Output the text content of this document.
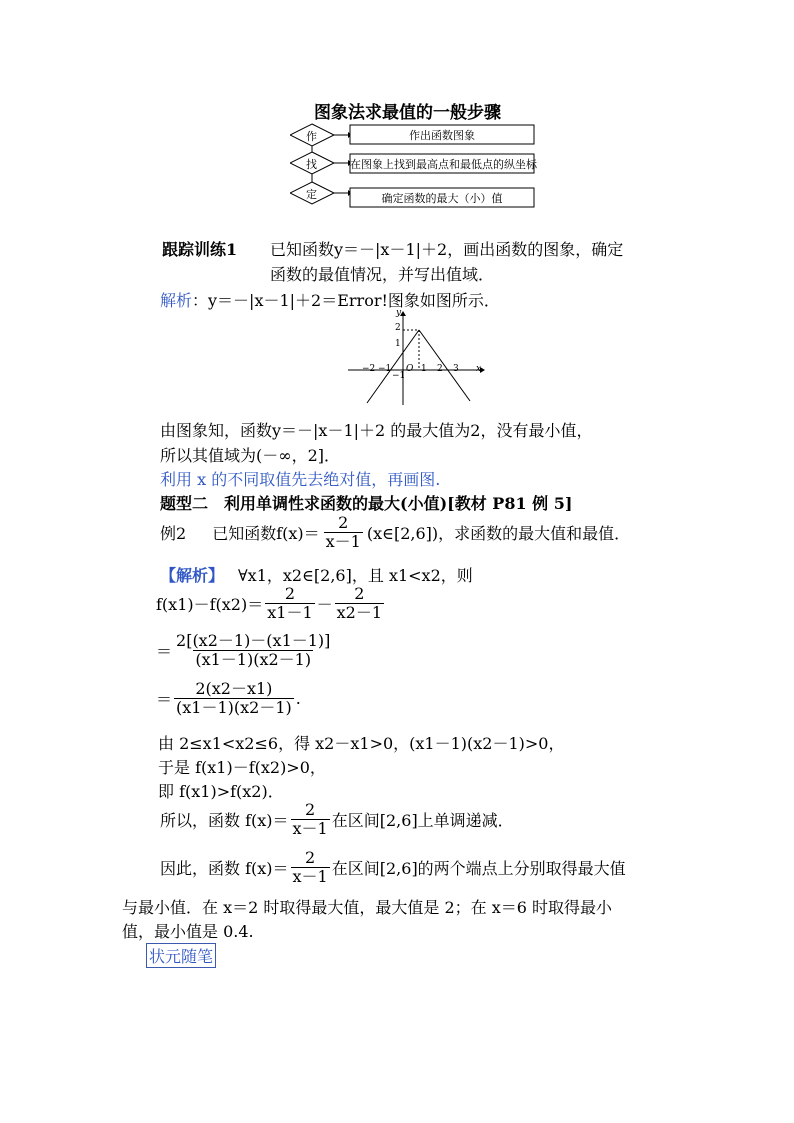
图象法求最值的一般步骤
作
找
定
作出函数图象
在图象上找到最高点和最低点的纵坐标
确定函数的最大（小）值
跟踪训练1 已知函数y＝－|x－1|＋2，画出函数的图象，确定
函数的最值情况，并写出值域．
解析：y＝－|x－1|＋2＝Error!图象如图所示．
y
x
O
−2 −1	1 2 3
2
1
−1
由图象知，函数y＝－|x－1|＋2 的最大值为2，没有最小值，
所以其值域为(－∞，2]．
利用 x 的不同取值先去绝对值，再画图.
题型二　利用单调性求函数的最大(小值)[教材 P81 例 5]
例2 已知函数$f(x)= \frac{2}{x-1}$ (x∈[2,6])，求函数的最大值和最值．
【解析】 ∀x1，x2∈[2,6]，且 x1<x2，则
$f(x1)-f(x2)= \frac{2}{x1-1} - \frac{2}{x2-1}$
＝ $\frac{2[(x2-1)-(x1-1)]}{(x1-1)(x2-1)}$
＝ $\frac{2(x2-x1)}{(x1-1)(x2-1)}$ .
由 2≤x1<x2≤6，得 x2－x1>0，(x1－1)(x2－1)>0，
于是 f(x1)－f(x2)>0，
即 f(x1)>f(x2)．
所以，函数 $f(x)= \frac{2}{x-1}$ 在区间[2,6]上单调递减．
因此，函数 $f(x)= \frac{2}{x-1}$ 在区间[2,6]的两个端点上分别取得最大值
与最小值．在 x＝2 时取得最大值，最大值是 2；在 x＝6 时取得最小
值，最小值是 0.4.
状元随笔
